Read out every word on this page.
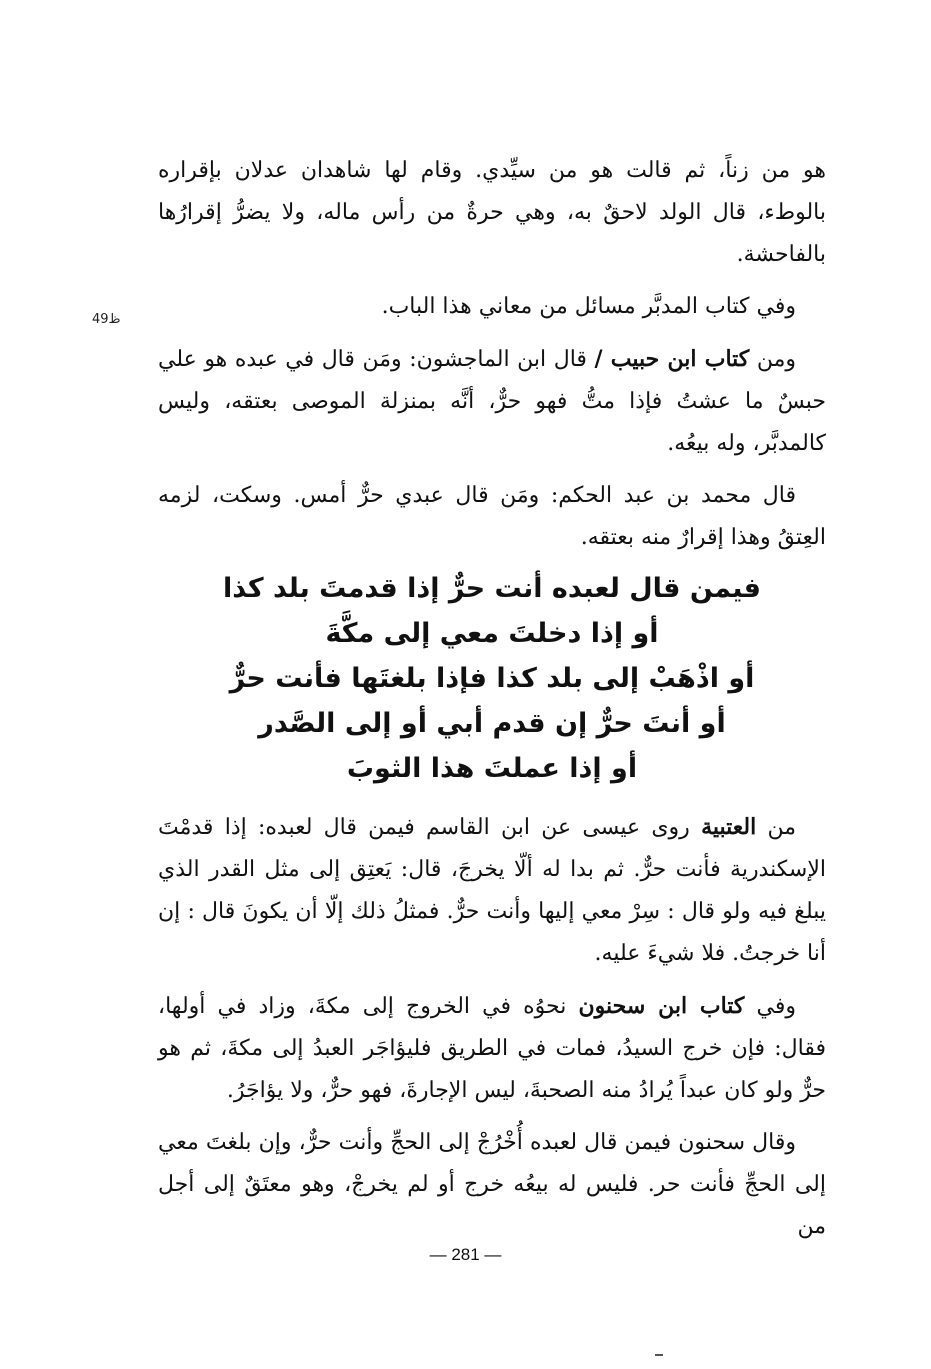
هو من زناً، ثم قالت هو من سيِّدي. وقام لها شاهدان عدلان بإقراره بالوطء، قال الولد لاحقٌ به، وهي حرةٌ من رأس ماله، ولا يضرُّ إقرارُها بالفاحشة.

وفي كتاب المدبَّر مسائل من معاني هذا الباب.

ومن كتاب ابن حبيب / قال ابن الماجشون: ومَن قال في عبده هو علي حبسٌ ما عشتُ فإذا متُّ فهو حرٌّ، أنَّه بمنزلة الموصى بعتقه، وليس كالمدبَّر، وله بيعُه.

قال محمد بن عبد الحكم: ومَن قال عبدي حرٌّ أمس. وسكت، لزمه العِتقُ وهذا إقرارٌ منه بعتقه.

ظ49
فيمن قال لعبده أنت حرٌّ إذا قدمتَ بلد كذا
أو إذا دخلتَ معي إلى مكَّةَ
أو اذْهَبْ إلى بلد كذا فإذا بلغتَها فأنت حرٌّ
أو أنتَ حرٌّ إن قدم أبي أو إلى الصَّدر
أو إذا عملتَ هذا الثوبَ

من العتبية روى عيسى عن ابن القاسم فيمن قال لعبده: إذا قدمْتَ الإسكندرية فأنت حرٌّ. ثم بدا له ألّا يخرجَ، قال: يَعتِق إلى مثل القدر الذي يبلغ فيه ولو قال : سِرْ معي إليها وأنت حرٌّ. فمثلُ ذلك إلّا أن يكونَ قال : إن أنا خرجتُ. فلا شيءَ عليه.

وفي كتاب ابن سحنون نحوُه في الخروج إلى مكةَ، وزاد في أولها، فقال: فإن خرج السيدُ، فمات في الطريق فليؤاجَر العبدُ إلى مكةَ، ثم هو حرٌّ ولو كان عبداً يُرادُ منه الصحبةَ، ليس الإجارةَ، فهو حرٌّ، ولا يؤاجَرُ.

وقال سحنون فيمن قال لعبده أُخْرُجْ إلى الحجِّ وأنت حرٌّ، وإن بلغتَ معي إلى الحجِّ فأنت حر. فليس له بيعُه خرج أو لم يخرجْ، وهو معتَقٌ إلى أجل من

— 281 —
